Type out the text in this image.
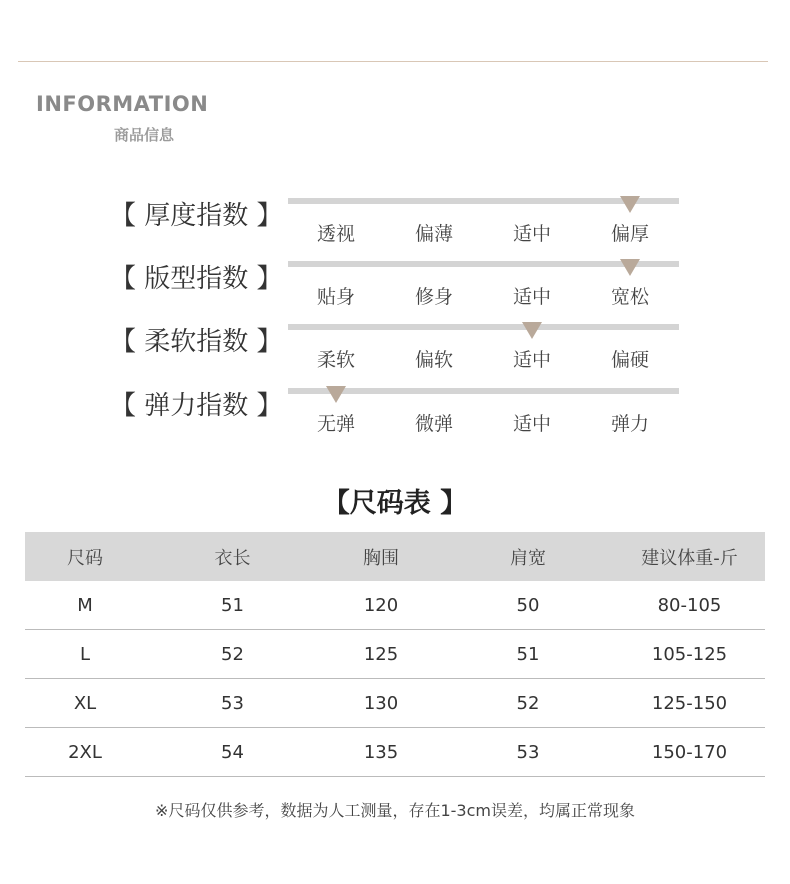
INFORMATION
商品信息
【 厚度指数 】
透视	偏薄	适中	偏厚
【 版型指数 】
贴身	修身	适中	宽松
【 柔软指数 】
柔软	偏软	适中	偏硬
【 弹力指数 】
无弹	微弹	适中	弹力
【尺码表 】
尺码	衣长	胸围	肩宽	建议体重-斤
M	51	120	50	80-105
L	52	125	51	105-125
XL	53	130	52	125-150
2XL	54	135	53	150-170
※尺码仅供参考，数据为人工测量，存在1-3cm误差，均属正常现象
